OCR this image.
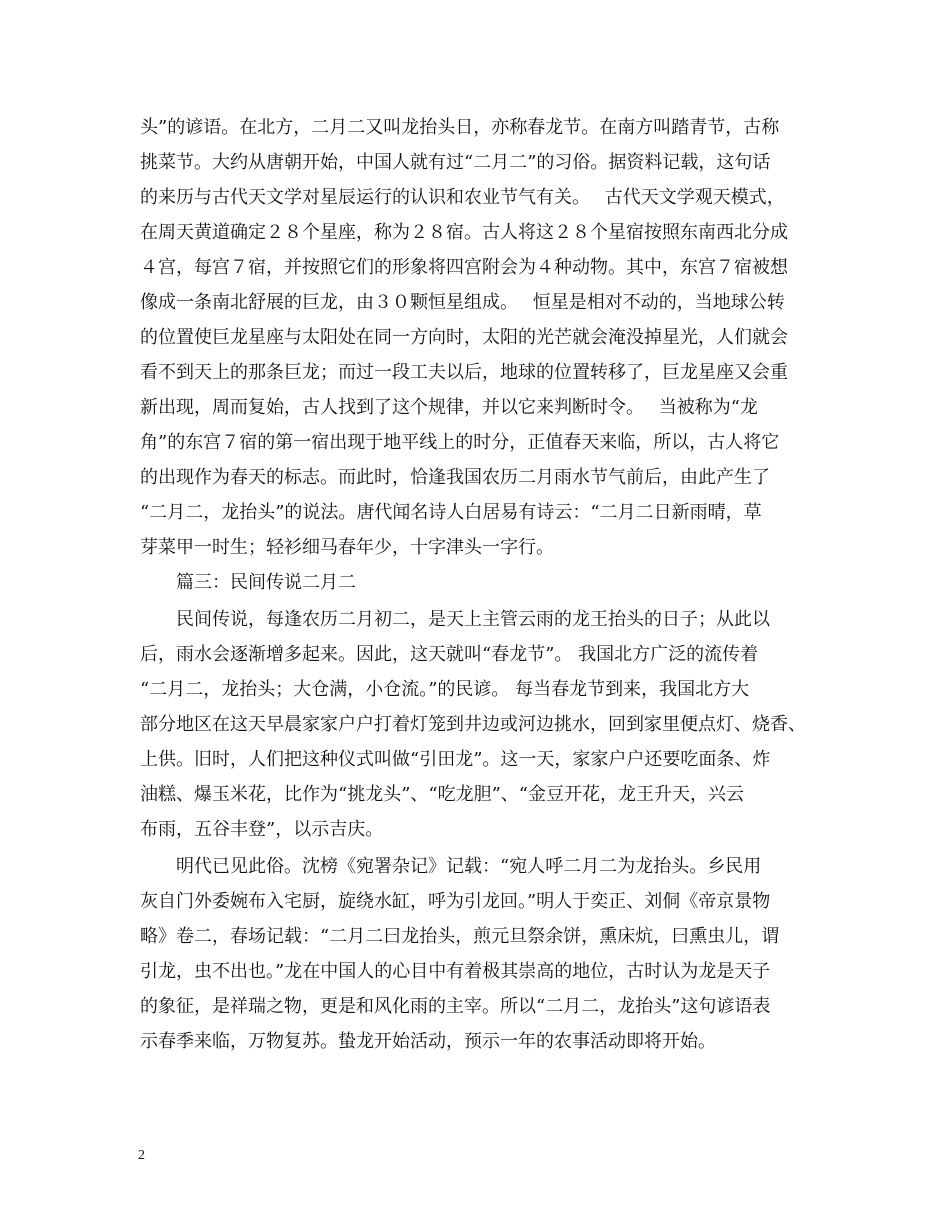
头”的谚语。在北方，二月二又叫龙抬头日，亦称春龙节。在南方叫踏青节，古称
挑菜节。大约从唐朝开始，中国人就有过“二月二”的习俗。据资料记载，这句话
的来历与古代天文学对星辰运行的认识和农业节气有关。　 古代天文学观天模式，
在周天黄道确定２８个星座，称为２８宿。古人将这２８个星宿按照东南西北分成
４宫，每宫７宿，并按照它们的形象将四宫附会为４种动物。其中，东宫７宿被想
像成一条南北舒展的巨龙，由３０颗恒星组成。　 恒星是相对不动的，当地球公转
的位置使巨龙星座与太阳处在同一方向时，太阳的光芒就会淹没掉星光，人们就会
看不到天上的那条巨龙；而过一段工夫以后，地球的位置转移了，巨龙星座又会重
新出现，周而复始，古人找到了这个规律，并以它来判断时令。　 当被称为“龙
角”的东宫７宿的第一宿出现于地平线上的时分，正值春天来临，所以，古人将它
的出现作为春天的标志。而此时，恰逢我国农历二月雨水节气前后，由此产生了
“二月二，龙抬头”的说法。唐代闻名诗人白居易有诗云：“二月二日新雨晴，草
芽菜甲一时生；轻衫细马春年少，十字津头一字行。
　　篇三：民间传说二月二
　　民间传说，每逢农历二月初二，是天上主管云雨的龙王抬头的日子；从此以
后，雨水会逐渐增多起来。因此，这天就叫“春龙节”。 我国北方广泛的流传着
“二月二，龙抬头；大仓满，小仓流。”的民谚。 每当春龙节到来，我国北方大
部分地区在这天早晨家家户户打着灯笼到井边或河边挑水，回到家里便点灯、烧香、
上供。旧时，人们把这种仪式叫做“引田龙”。这一天，家家户户还要吃面条、炸
油糕、爆玉米花，比作为“挑龙头”、“吃龙胆”、“金豆开花，龙王升天，兴云
布雨，五谷丰登”，以示吉庆。
　　明代已见此俗。沈榜《宛署杂记》记载：“宛人呼二月二为龙抬头。乡民用
灰自门外委婉布入宅厨，旋绕水缸，呼为引龙回。”明人于奕正、刘侗《帝京景物
略》卷二，春场记载：“二月二曰龙抬头，煎元旦祭余饼，熏床炕，曰熏虫儿，谓
引龙，虫不出也。”龙在中国人的心目中有着极其崇高的地位，古时认为龙是天子
的象征，是祥瑞之物，更是和风化雨的主宰。所以“二月二，龙抬头”这句谚语表
示春季来临，万物复苏。蛰龙开始活动，预示一年的农事活动即将开始。
2
